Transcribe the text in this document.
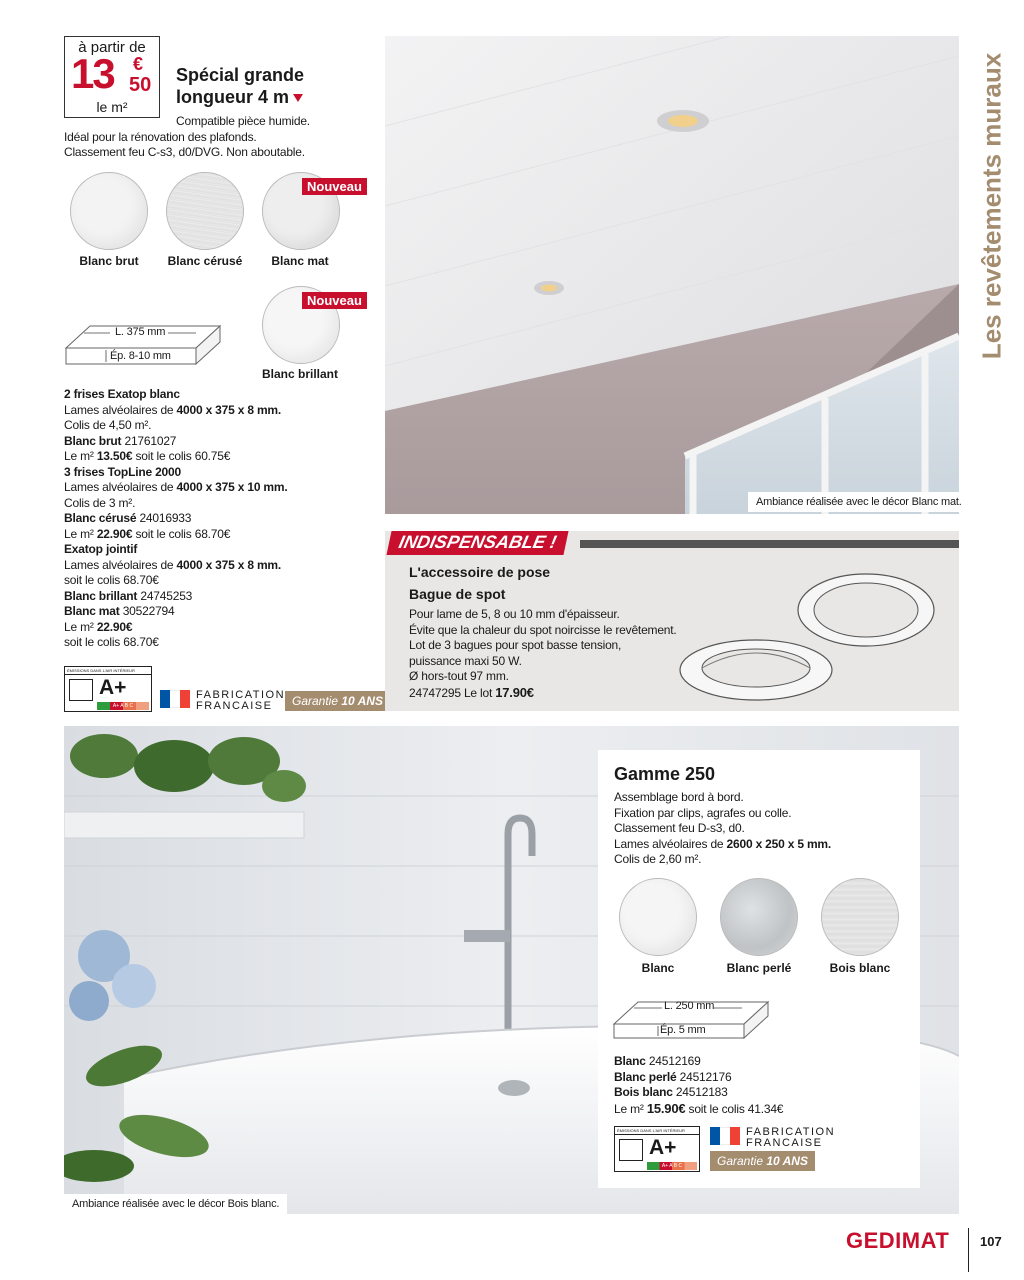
Les revêtements muraux
à partir de
13 €
50
le m²
Spécial grande
longueur 4 m
Compatible pièce humide.
Idéal pour la rénovation des plafonds.
Classement feu C-s3, d0/DVG. Non aboutable.
Blanc brut	Blanc cérusé
Nouveau
Blanc mat
Nouveau
Blanc brillant
L. 375 mm
Ép. 8-10 mm
2 frises Exatop blanc
Lames alvéolaires de 4000 x 375 x 8 mm.
Colis de 4,50 m².
Blanc brut 21761027
Le m² 13.50€ soit le colis 60.75€
3 frises TopLine 2000
Lames alvéolaires de 4000 x 375 x 10 mm.
Colis de 3 m².
Blanc cérusé 24016933
Le m² 22.90€ soit le colis 68.70€
Exatop jointif
Lames alvéolaires de 4000 x 375 x 8 mm.
soit le colis 68.70€
Blanc brillant 24745253
Blanc mat 30522794
Le m² 22.90€
soit le colis 68.70€
ÉMISSIONS DANS L'AIR INTÉRIEUR
A+
A+ A B C
FABRICATION
FRANCAISE	Garantie 10 ANS
Ambiance réalisée avec le décor Blanc mat.
INDISPENSABLE !
L'accessoire de pose
Bague de spot
Pour lame de 5, 8 ou 10 mm d'épaisseur.
Évite que la chaleur du spot noircisse le revêtement.
Lot de 3 bagues pour spot basse tension,
puissance maxi 50 W.
Ø hors-tout 97 mm.
24747295 Le lot 17.90€
Ambiance réalisée avec le décor Bois blanc.
Gamme 250
Assemblage bord à bord.
Fixation par clips, agrafes ou colle.
Classement feu D-s3, d0.
Lames alvéolaires de 2600 x 250 x 5 mm.
Colis de 2,60 m².
Blanc	Blanc perlé	Bois blanc
L. 250 mm
Ép. 5 mm
Blanc 24512169
Blanc perlé 24512176
Bois blanc 24512183
Le m² 15.90€ soit le colis 41.34€
ÉMISSIONS DANS L'AIR INTÉRIEUR
A+
A+ A B C
FABRICATION
FRANCAISE
Garantie 10 ANS
GEDIMAT 107
